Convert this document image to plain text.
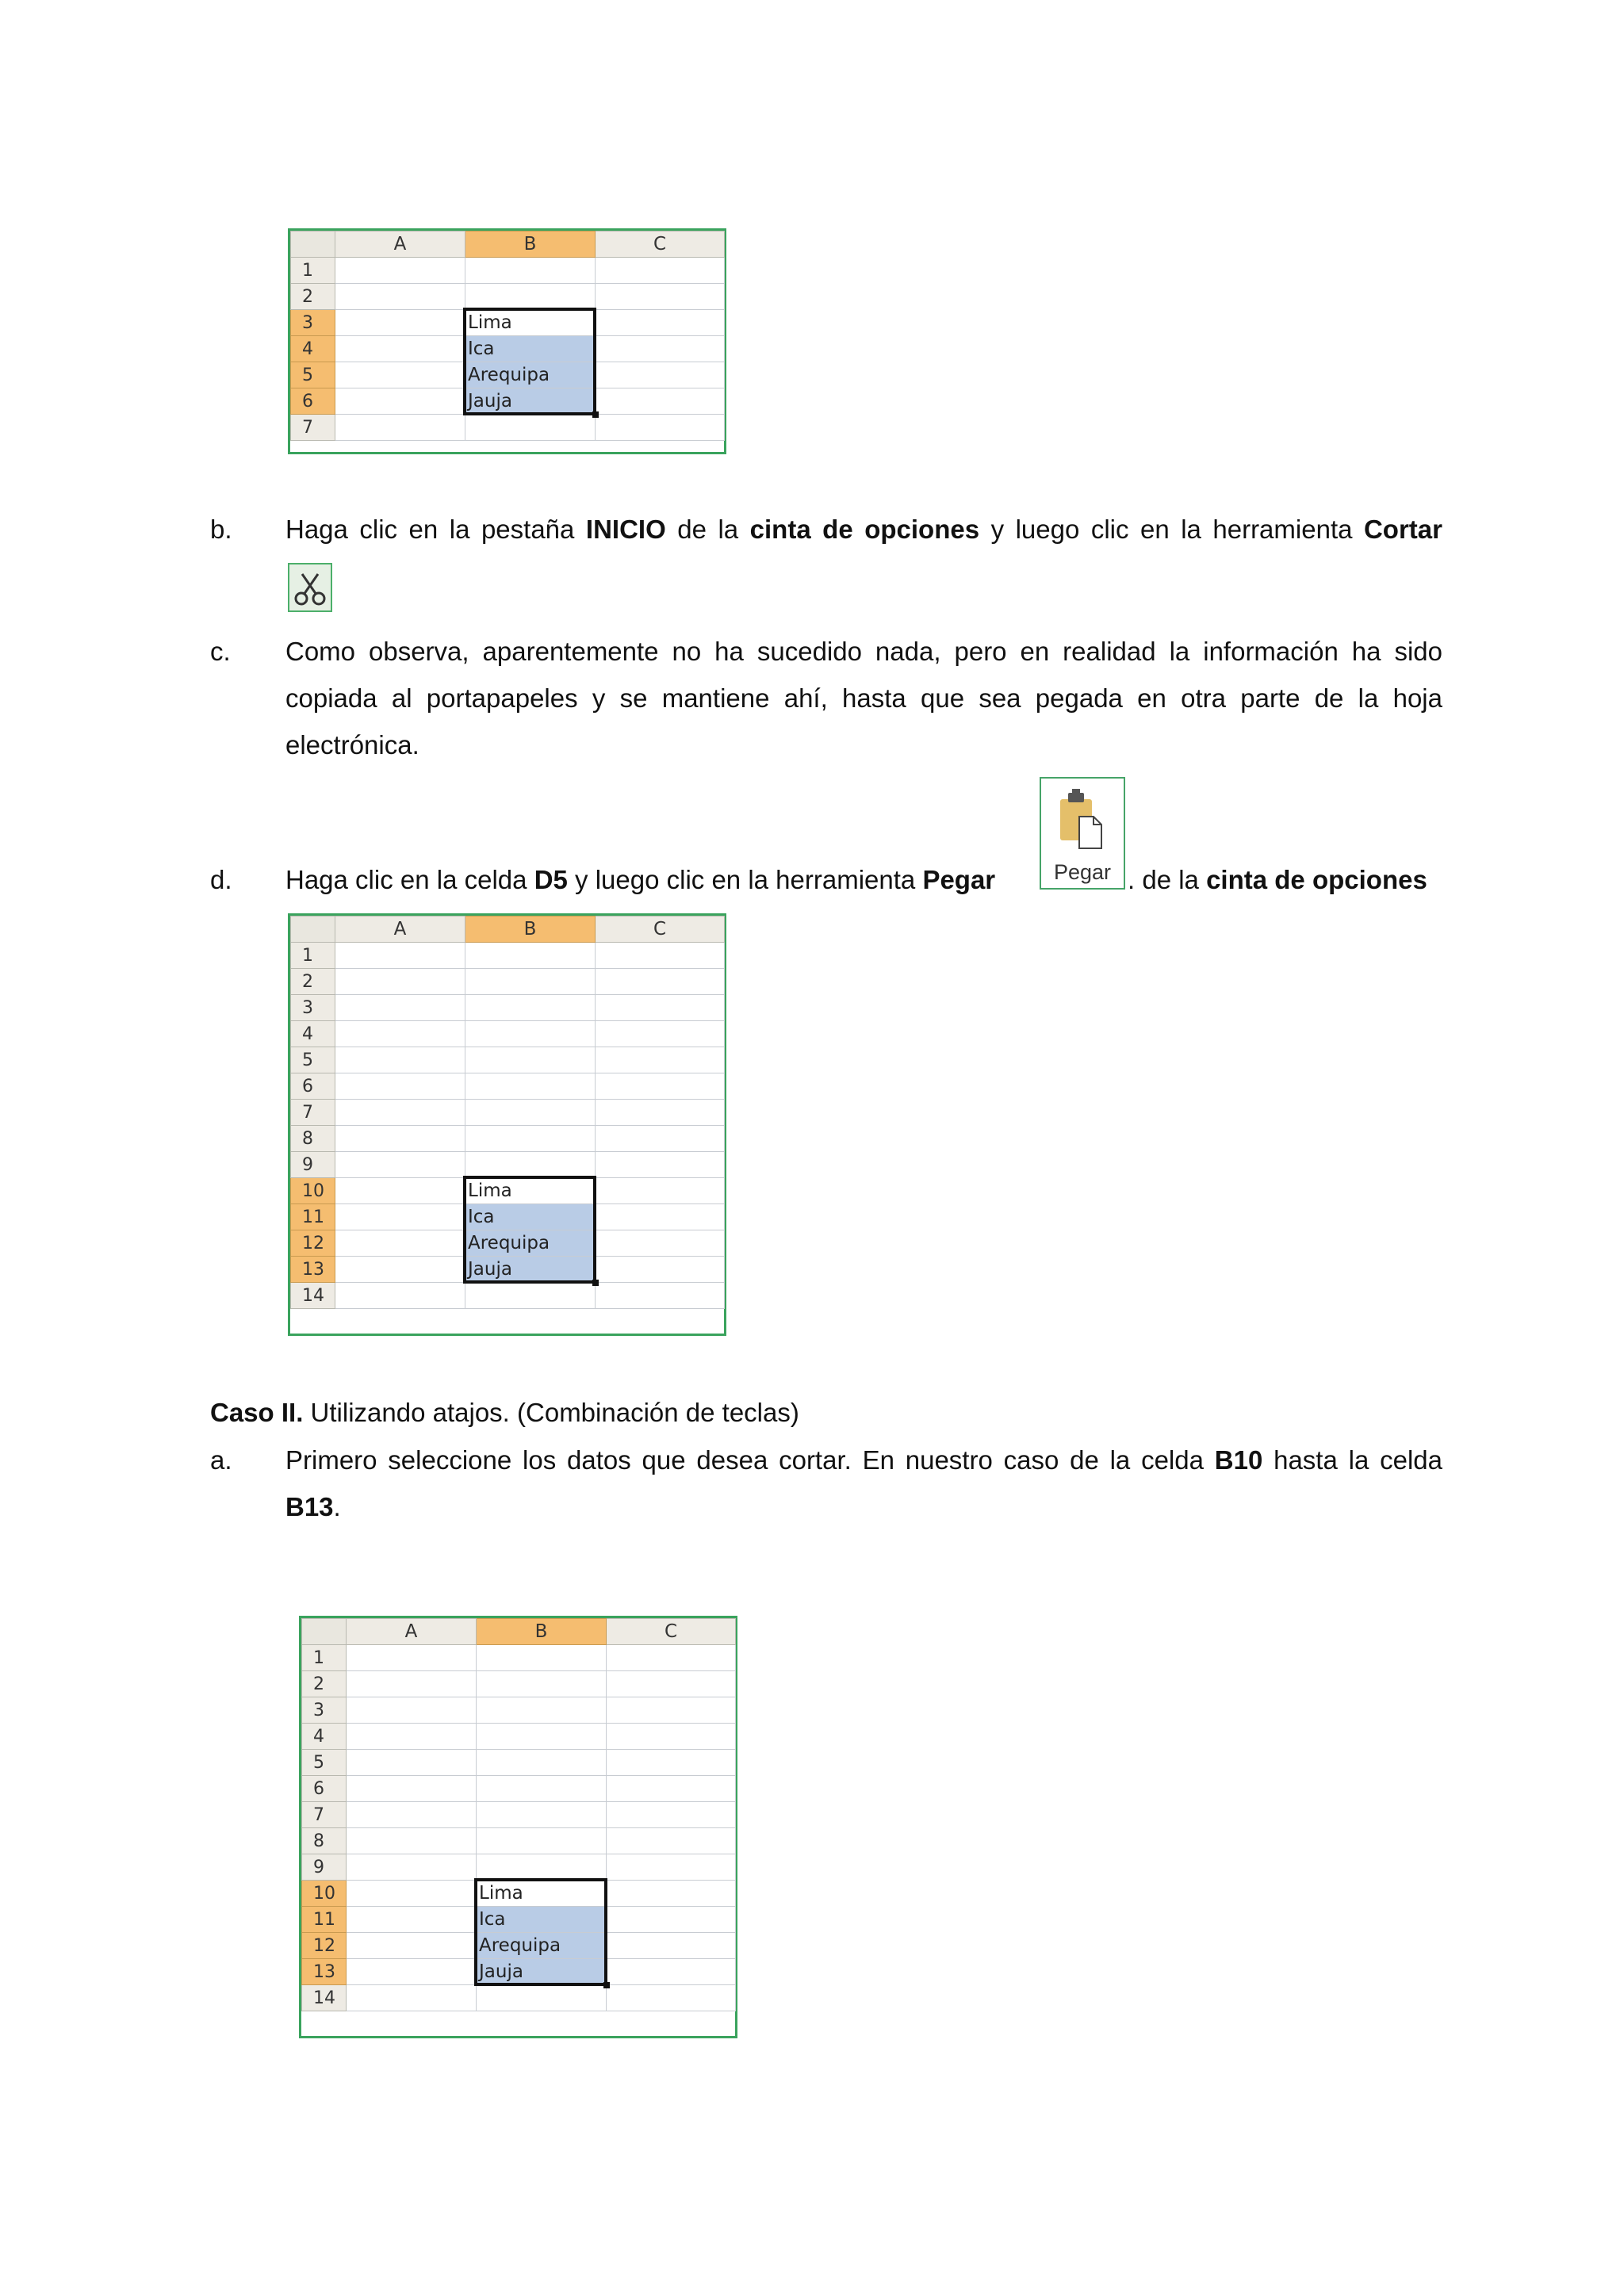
	A	B	C
1			
2			
3		Lima	
4		Ica	
5		Arequipa	
6		Jauja	
7			
b.	Haga clic en la pestaña INICIO de la cinta de opciones y luego clic en la herramienta Cortar
c.	Como observa, aparentemente no ha sucedido nada, pero en realidad la información ha sido copiada al portapapeles y se mantiene ahí, hasta que sea pegada en otra parte de la hoja electrónica.
Pegar
d.	Haga clic en la celda D5 y luego clic en la herramienta Pegar	. de la cinta de opciones
	A	B	C
1			
2			
3			
4			
5			
6			
7			
8			
9			
10		Lima	
11		Ica	
12		Arequipa	
13		Jauja	
14			
Caso II. Utilizando atajos. (Combinación de teclas)
a.	Primero seleccione los datos que desea cortar. En nuestro caso de la celda B10 hasta la celda B13.
	A	B	C
1			
2			
3			
4			
5			
6			
7			
8			
9			
10		Lima	
11		Ica	
12		Arequipa	
13		Jauja	
14			
